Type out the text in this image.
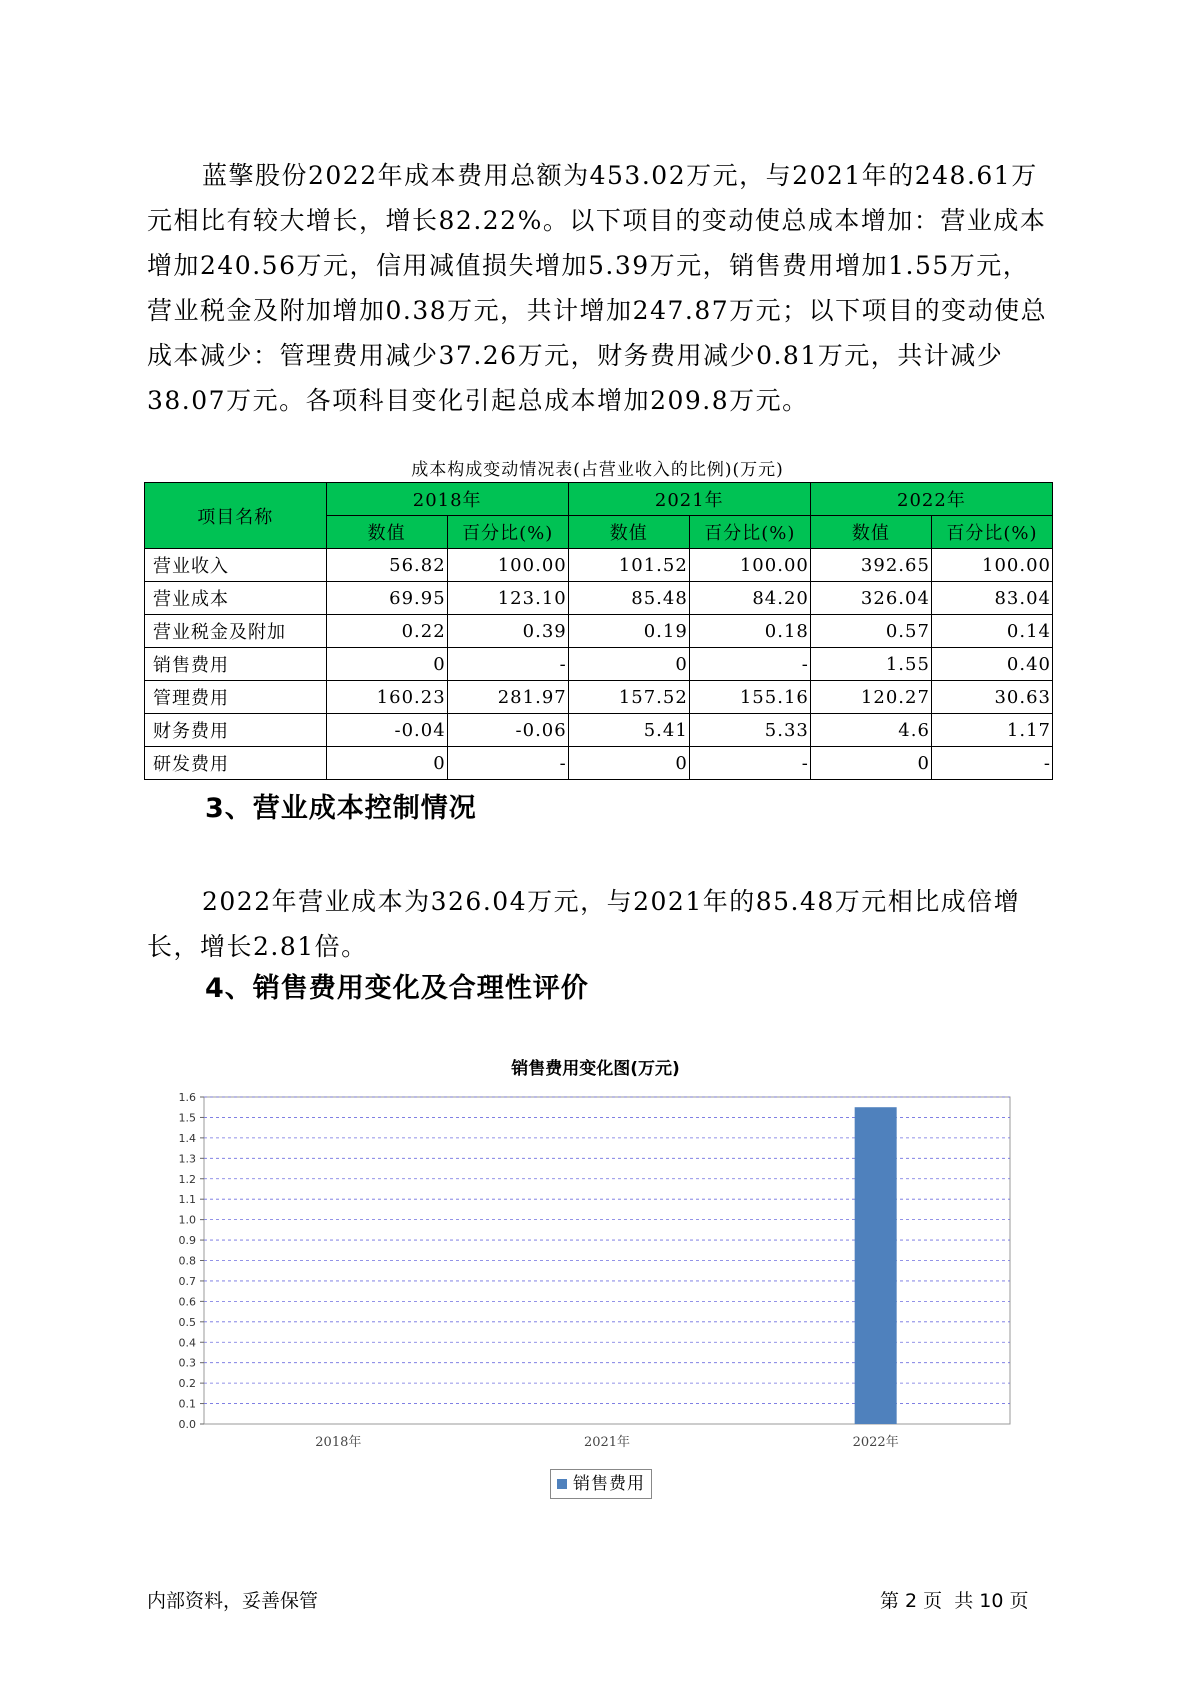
蓝擎股份2022年成本费用总额为453.02万元，与2021年的248.61万元相比有较大增长，增长82.22%。以下项目的变动使总成本增加：营业成本增加240.56万元，信用减值损失增加5.39万元，销售费用增加1.55万元，营业税金及附加增加0.38万元，共计增加247.87万元；以下项目的变动使总成本减少：管理费用减少37.26万元，财务费用减少0.81万元，共计减少38.07万元。各项科目变化引起总成本增加209.8万元。

成本构成变动情况表(占营业收入的比例)(万元)
项目名称	2018年		2021年		2022年	
	数值	百分比(%)	数值	百分比(%)	数值	百分比(%)
营业收入	56.82	100.00	101.52	100.00	392.65	100.00
营业成本	69.95	123.10	85.48	84.20	326.04	83.04
营业税金及附加	0.22	0.39	0.19	0.18	0.57	0.14
销售费用	0	-	0	-	1.55	0.40
管理费用	160.23	281.97	157.52	155.16	120.27	30.63
财务费用	-0.04	-0.06	5.41	5.33	4.6	1.17
研发费用	0	-	0	-	0	-
3、营业成本控制情况

2022年营业成本为326.04万元，与2021年的85.48万元相比成倍增长，增长2.81倍。

4、销售费用变化及合理性评价
销售费用变化图(万元)
0.0
0.1
0.2
0.3
0.4
0.5
0.6
0.7
0.8
0.9
1.0
1.1
1.2
1.3
1.4
1.5
1.6
2018年	2021年	2022年
销售费用
内部资料，妥善保管	第 2 页  共 10 页
